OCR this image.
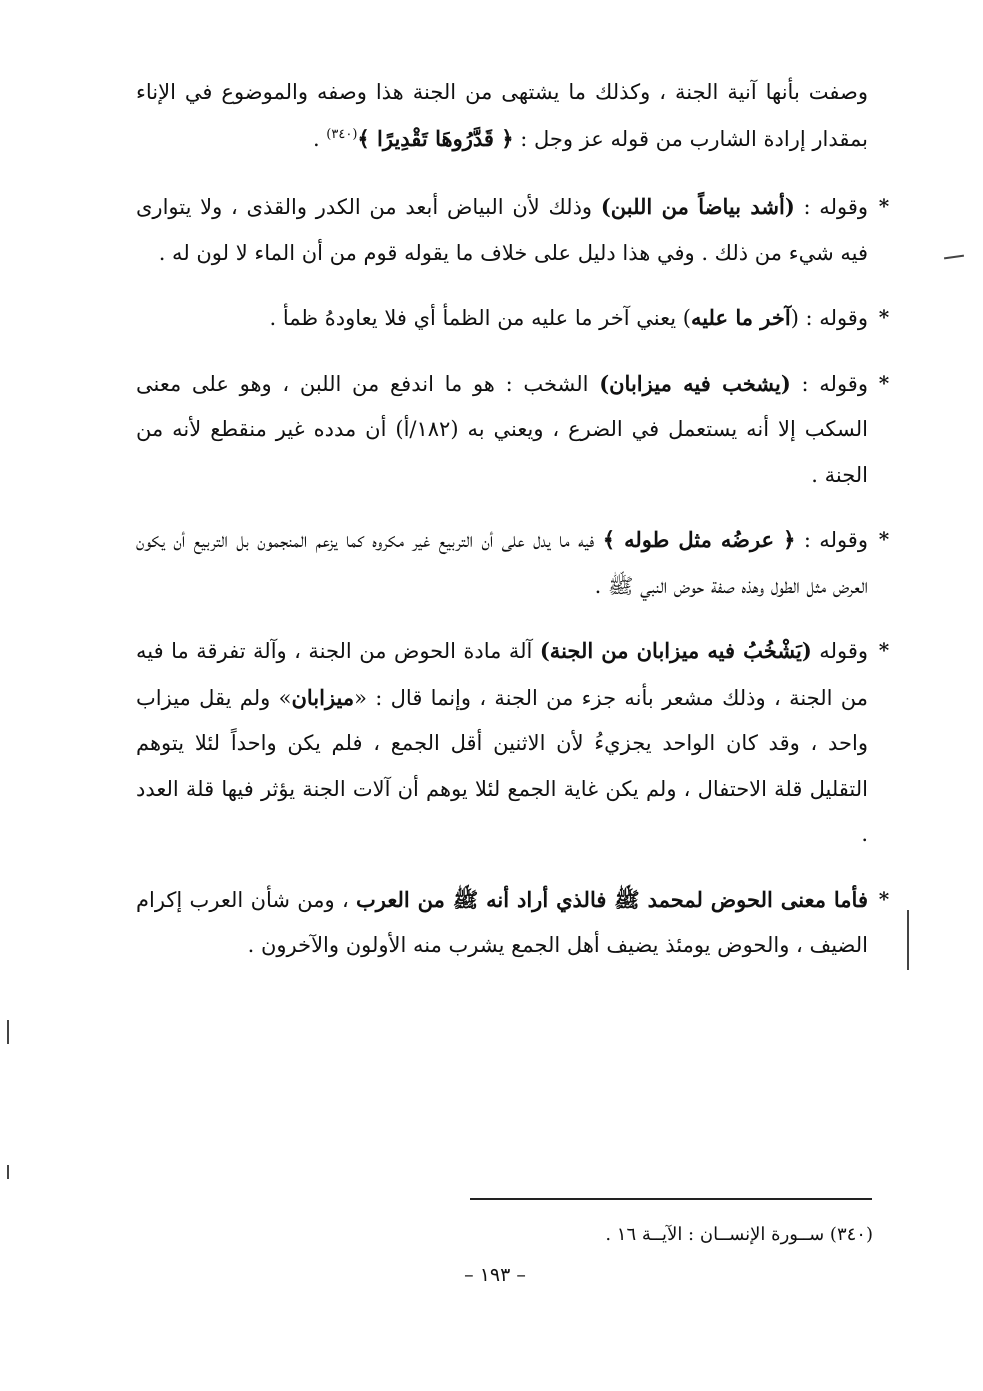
وصفت بأنها آنية الجنة ، وكذلك ما يشتهى من الجنة هذا وصفه والموضوع في الإناء بمقدار إرادة الشارب من قوله عز وجل : ﴿ قَدَّرُوهَا تَقْدِيرًا ﴾$^{(٣٤٠)}$ .

*
وقوله : (أشد بياضاً من اللبن) وذلك لأن البياض أبعد من الكدر والقذى ، ولا يتوارى فيه شيء من ذلك . وفي هذا دليل على خلاف ما يقوله قوم من أن الماء لا لون له .

*
وقوله : (آخر ما عليه) يعني آخر ما عليه من الظمأ أي فلا يعاودهُ ظمأ .

*
وقوله : (يشخب فيه ميزابان) الشخب : هو ما اندفع من اللبن ، وهو على معنى السكب إلا أنه يستعمل في الضرع ، ويعني به (١٨٢/أ) أن مدده غير منقطع لأنه من الجنة .

*
وقوله : ﴿ عرضُه مثل طوله ﴾ فيه ما يدل على أن التربيع غير مكروه كما يزعم المنجمون بل التربيع أن يكون العرض مثل الطول وهذه صفة حوض النبي ﷺ .

*
وقوله (يَشْخُبُ فيه ميزابان من الجنة) آلة مادة الحوض من الجنة ، وآلة تفرقة ما فيه من الجنة ، وذلك مشعر بأنه جزء من الجنة ، وإنما قال : «ميزابان» ولم يقل ميزاب واحد ، وقد كان الواحد يجزيءُ لأن الاثنين أقل الجمع ، فلم يكن واحداً لئلا يتوهم التقليل قلة الاحتفال ، ولم يكن غاية الجمع لئلا يوهم أن آلات الجنة يؤثر فيها قلة العدد .

*
فأما معنى الحوض لمحمد ﷺ فالذي أراد أنه ﷺ من العرب ، ومن شأن العرب إكرام الضيف ، والحوض يومئذ يضيف أهل الجمع يشرب منه الأولون والآخرون .

(٣٤٠) ســورة الإنســان : الآيــة ١٦ .
– ١٩٣ –
